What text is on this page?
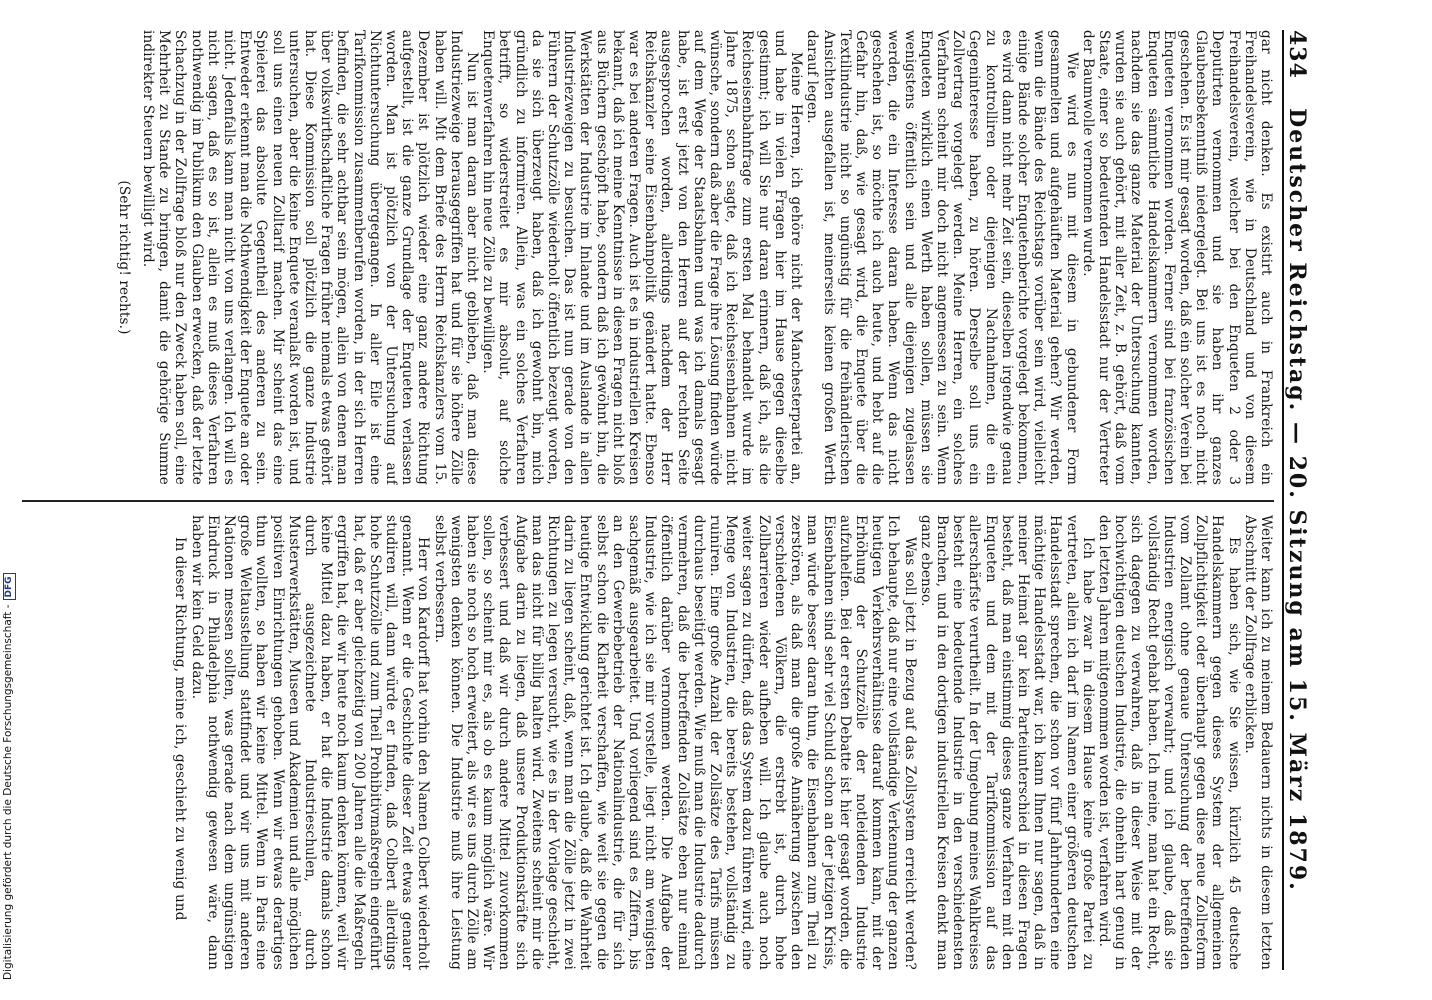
434
Deutscher Reichstag. — 20. Sitzung am 15. März 1879.

gar nicht denken. Es existirt auch in Frankreich ein Freihandelsverein, wie in Deutschland und von diesem Freihandelsverein, welcher bei den Enqueten 2 oder 3 Deputirten vernommen und sie haben ihr ganzes Glaubensbekenntniß niedergelegt. Bei uns ist es noch nicht geschehen. Es ist mir gesagt worden, daß ein solcher Verein bei Enqueten vernommen worden. Ferner sind bei französischen Enqueten sämmtliche Handelskammern vernommen worden, nachdem sie das ganze Material der Untersuchung kannten, wurden sie auch gehört, mit aller Zeit, z. B. gehört, daß vom Staate, einer so bedeutenden Handelsstadt nur der Vertreter der Baumwolle vernommen wurde.

Wie wird es nun mit diesem in gebundener Form gesammelten und aufgehäuften Material gehen? Wir werden, wenn die Bände des Reichstags vorüber sein wird, vielleicht einige Bände solcher Enquetenberichte vorgelegt bekommen, es wird dann nicht mehr Zeit sein, dieselben irgendwie genau zu kontrolliren oder diejenigen Nachnahmen, die ein Gegeninteresse haben, zu hören. Derselbe soll uns ein Zollvertrag vorgelegt werden. Meine Herren, ein solches Verfahren scheint mir doch nicht angemessen zu sein. Wenn Enqueten wirklich einen Werth haben sollen, müssen sie wenigstens öffentlich sein und alle diejenigen zugelassen werden, die ein Interesse daran haben. Wenn das nicht geschehen ist, so möchte ich auch heute, und hebt auf die Gefahr hin, daß, wie gesagt wird, die Enquete über die Textilindustrie nicht so ungünstig für die freihändlerischen Ansichten ausgefallen ist, meinerseits keinen großen Werth darauf legen.

Meine Herren, ich gehöre nicht der Manchesterpartei an, und habe in vielen Fragen hier im Hause gegen dieselbe gestimmt; ich will Sie nur daran erinnern, daß ich, als die Reichseisenbahnfrage zum ersten Mal behandelt wurde im Jahre 1875, schon sagte, daß ich Reichseisenbahnen nicht wünsche, sondern daß aber die Frage ihre Lösung finden würde auf dem Wege der Staatsbahnen und was ich damals gesagt habe, ist erst jetzt von den Herren auf der rechten Seite ausgesprochen worden, allerdings nachdem der Herr Reichskanzler seine Eisenbahnpolitik geändert hatte. Ebenso war es bei anderen Fragen. Auch ist es in industriellen Kreisen bekannt, daß ich meine Kenntnisse in diesen Fragen nicht bloß aus Büchern geschöpft habe, sondern daß ich gewöhnt bin, die Werkstätten der Industrie im Inlande und im Auslande in allen Industriezweigen zu besuchen. Das ist nun gerade von den Führern der Schutzzölle wiederholt öffentlich bezeugt worden, da sie sich überzeugt haben, daß ich gewohnt bin, mich gründlich zu informiren. Allein, was ein solches Verfahren betrifft, so widerstreitet es mir absolut, auf solche Enquetenverfahren hin neue Zölle zu bewilligen.

Nun ist man daran aber nicht geblieben, daß man diese Industriezweige herausgegriffen hat und für sie höhere Zölle haben will. Mit dem Briefe des Herrn Reichskanzlers vom 15. Dezember ist plötzlich wieder eine ganz andere Richtung aufgestellt, ist die ganze Grundlage der Enqueten verlassen worden. Man ist plötzlich von der Untersuchung auf Nichtuntersuchung übergegangen. In aller Eile ist eine Tarifkommission zusammenberufen worden, in der sich Herren befinden, die sehr achtbar sein mögen, allein von denen man über volkswirthschaftliche Fragen früher niemals etwas gehört hat. Diese Kommission soll plötzlich die ganze Industrie untersuchen, aber die keine Enquete veranlaßt worden ist, und soll uns einen neuen Zolltarif machen. Mir scheint das eine Spielerei das absolute Gegentheil des anderen zu sein. Entweder erkennt man die Nothwendigkeit der Enquete an oder nicht. Jedenfalls kann man nicht von uns verlangen. Ich will es nicht sagen, daß es so ist, allein es muß dieses Verfahren nothwendig im Publikum den Glauben erwecken, daß der letzte Schachzug in der Zollfrage bloß nur den Zweck haben soll, eine Mehrheit zu Stande zu bringen, damit die gehörige Summe indirekter Steuern bewilligt wird.

(Sehr richtig! rechts.)

Weiter kann ich zu meinem Bedauern nichts in diesem letzten Abschnitt der Zollfrage erblicken.

Es haben sich, wie Sie wissen, kürzlich 45 deutsche Handelskammern gegen dieses System der allgemeinen Zollpflichtigkeit oder überhaupt gegen diese neue Zollreform vom Zollamt ohne genaue Untersuchung der betreffenden Industrien energisch verwahrt; und ich glaube, daß sie vollständig Recht gehabt haben. Ich meine, man hat ein Recht, sich dagegen zu verwahren, daß in dieser Weise mit der hochwichtigen deutschen Industrie, die ohnehin hart genug in den letzten Jahren mitgenommen worden ist, verfahren wird.

Ich habe zwar in diesem Hause keine große Partei zu vertreten, allein ich darf im Namen einer größeren deutschen Handelsstadt sprechen, die schon vor fünf Jahrhunderten eine mächtige Handelsstadt war, ich kann Ihnen nur sagen, daß in meiner Heimat gar kein Parteiunterschied in diesen Fragen besteht, daß man einstimmig dieses ganze Verfahren mit den Enqueten und dem mit der Tarifkommission auf das allerschärfste verurtheilt. In der Umgebung meines Wahlkreises besteht eine bedeutende Industrie in den verschiedensten Branchen, und in den dortigen industriellen Kreisen denkt man ganz ebenso.

Was soll jetzt in Bezug auf das Zollsystem erreicht werden? Ich behaupte, daß nur eine vollständige Verkennung der ganzen heutigen Verkehrsverhältnisse darauf kommen kann, mit der Erhöhung der Schutzzölle der notleidenden Industrie aufzuhelfen. Bei der ersten Debatte ist hier gesagt worden, die Eisenbahnen sind sehr viel Schuld schon an der jetzigen Krisis, man würde besser daran thun, die Eisenbahnen zum Theil zu zerstören, als daß man die große Annäherung zwischen den verschiedenen Völkern, die erstrebt ist, durch hohe Zollbarrieren wieder aufheben will. Ich glaube auch noch weiter sagen zu dürfen, daß das System dazu führen wird, eine Menge von Industrien, die bereits bestehen, vollständig zu ruiniren. Eine große Anzahl der Zollsätze des Tarifs müssen durchaus beseitigt werden. Wie muß man die Industrie dadurch vermehren, daß die betreffenden Zollsätze eben nur einmal öffentlich darüber vernommen werden. Die Aufgabe der Industrie, wie ich sie mir vorstelle, liegt nicht am wenigsten sachgemäß ausgearbeitet. Und vorliegend sind es Ziffern, bis an den Gewerbebetrieb der Nationalindustrie, die für sich selbst schon die Klarheit verschaffen, wie weit sie gegen die heutige Entwicklung gerichtet ist. Ich glaube, daß die Wahrheit darin zu liegen scheint, daß, wenn man die Zölle jetzt in zwei Richtungen zu legen versucht, wie es in der Vorlage geschieht, man das nicht für billig halten wird. Zweitens scheint mir die Aufgabe darin zu liegen, daß unsere Produktionskräfte sich verbessert und daß wir durch andere Mittel zuvorkommen sollen, so scheint mir es, als ob es kaum möglich wäre. Wir haben sie noch so hoch erweitert, als wir es uns durch Zölle am wenigsten denken können. Die Industrie muß ihre Leistung selbst verbessern.

Herr von Kardorff hat vorhin den Namen Colbert wiederholt genannt. Wenn er die Geschichte dieser Zeit etwas genauer studiren will, dann würde er finden, daß Colbert allerdings hohe Schutzzölle und zum Theil Prohibitivmaßregeln eingeführt hat, daß er aber gleichzeitig von 200 Jahren alle die Maßregeln ergriffen hat, die wir heute noch kaum denken können, weil wir keine Mittel dazu haben, er hat die Industrie damals schon durch ausgezeichnete Industrieschulen, durch Musterwerkstätten, Museen und Akademien und alle möglichen positiven Einrichtungen gehoben. Wenn wir etwas derartiges thun wollten, so haben wir keine Mittel. Wenn in Paris eine große Weltausstellung stattfindet und wir uns mit anderen Nationen messen sollten, was gerade nach dem ungünstigen Eindruck in Philadelphia nothwendig gewesen wäre, dann haben wir kein Geld dazu.

In dieser Richtung, meine ich, geschieht zu wenig und

Digitalisierung gefördert durch die Deutsche Forschungsgemeinschaft -DFG
